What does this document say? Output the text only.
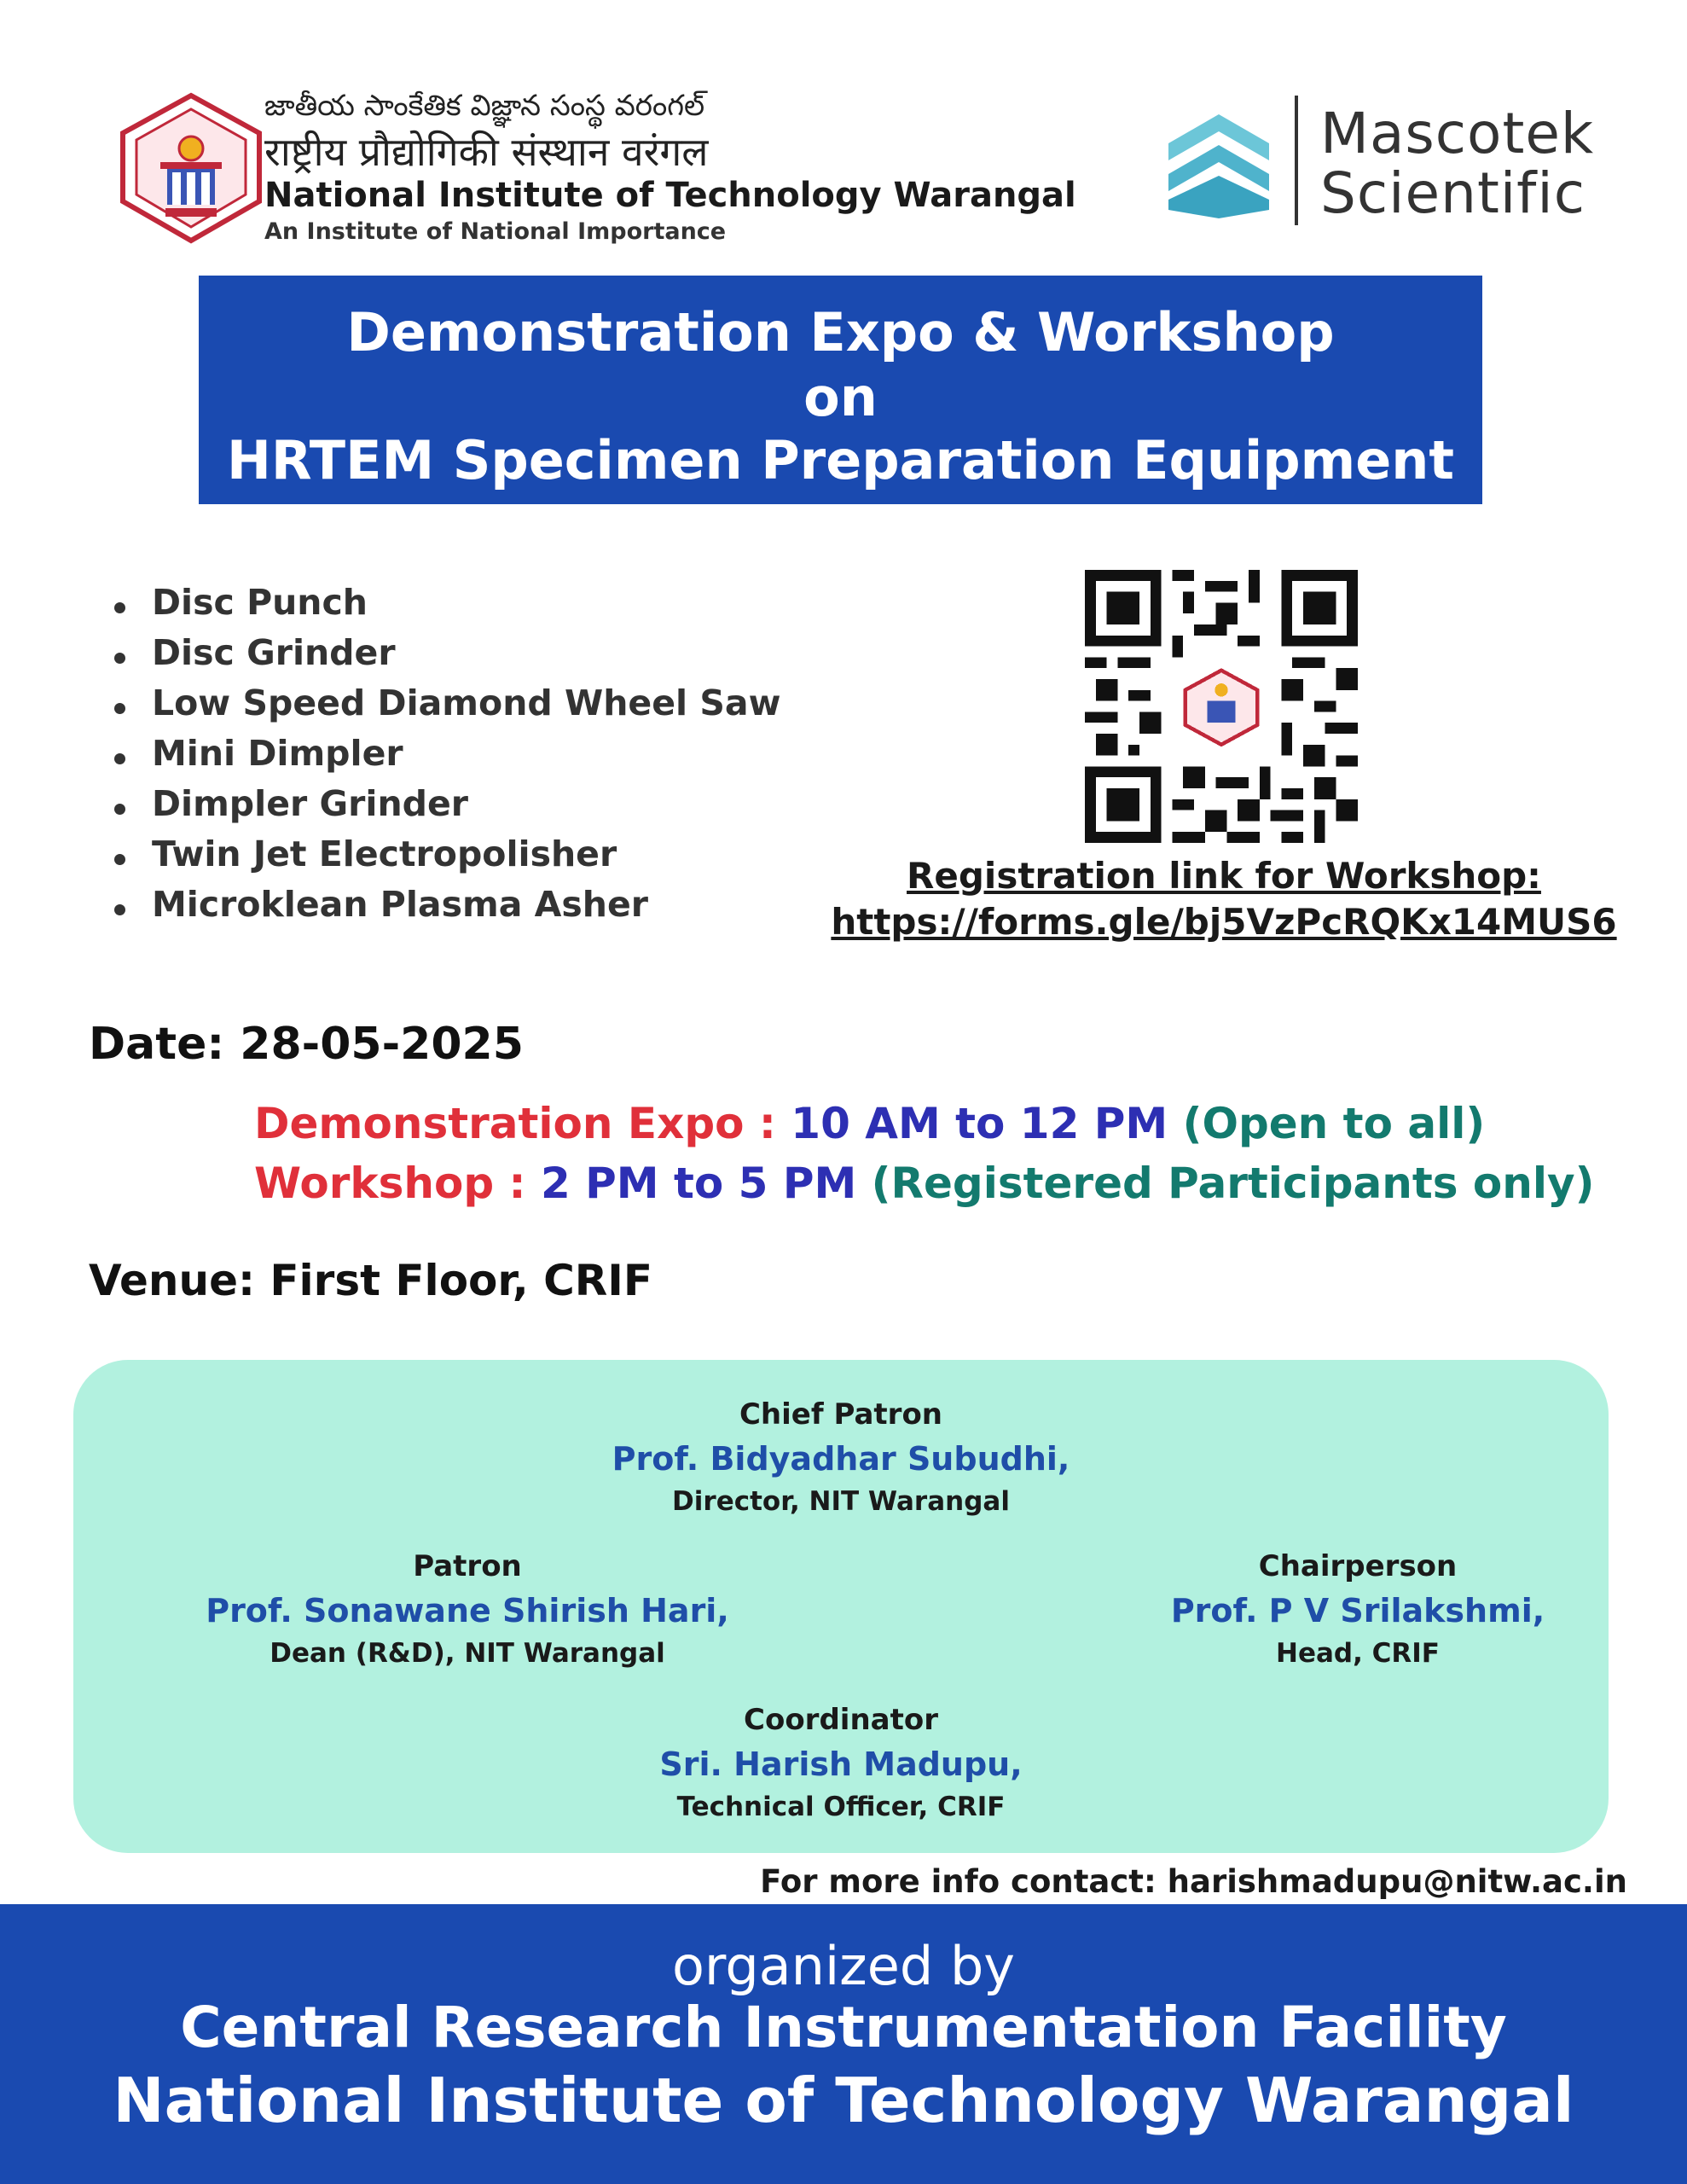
జాతీయ సాంకేతిక విజ్ఞాన సంస్థ వరంగల్
राष्ट्रीय प्रौद्योगिकी संस्थान वरंगल
National Institute of Technology Warangal
An Institute of National Importance
Mascotek
Scientific
Demonstration Expo & Workshop
on
HRTEM Specimen Preparation Equipment
Disc Punch
Disc Grinder
Low Speed Diamond Wheel Saw
Mini Dimpler
Dimpler Grinder
Twin Jet Electropolisher
Microklean Plasma Asher
Registration link for Workshop:
https://forms.gle/bj5VzPcRQKx14MUS6
Date: 28-05-2025
Demonstration Expo : 10 AM to 12 PM (Open to all)
Workshop : 2 PM to 5 PM (Registered Participants only)
Venue: First Floor, CRIF
Chief Patron
Prof. Bidyadhar Subudhi,
Director, NIT Warangal
Patron
Prof. Sonawane Shirish Hari,
Dean (R&D), NIT Warangal
Chairperson
Prof. P V Srilakshmi,
Head, CRIF
Coordinator
Sri. Harish Madupu,
Technical Officer, CRIF
For more info contact: harishmadupu@nitw.ac.in
organized by
Central Research Instrumentation Facility
National Institute of Technology Warangal
